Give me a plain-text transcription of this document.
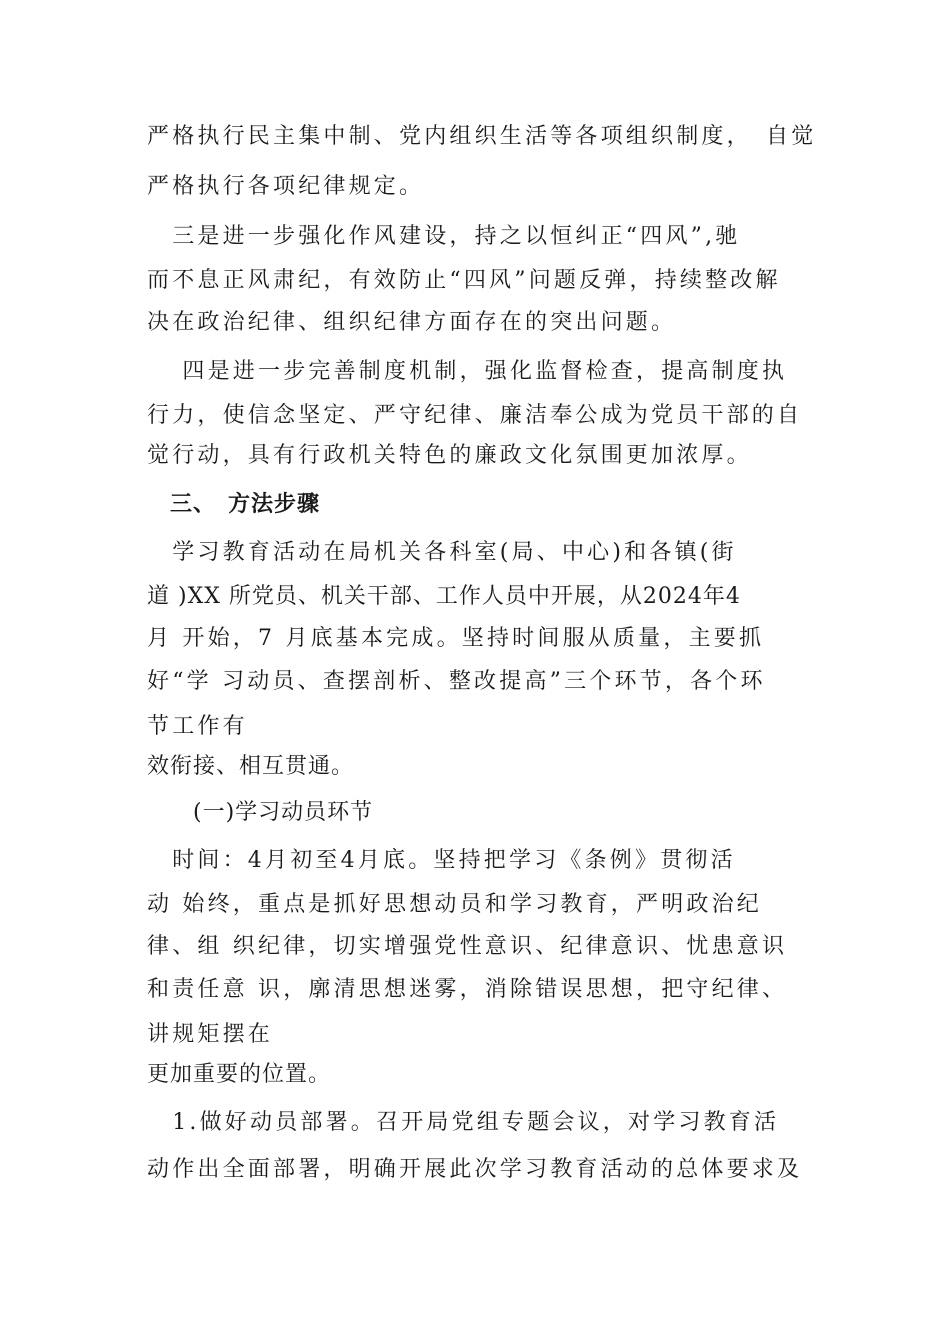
严格执行民主集中制、党内组织生活等各项组织制度，　自觉
严格执行各项纪律规定。
　三是进一步强化作风建设，持之以恒纠正“四风”,驰
而不息正风肃纪，有效防止“四风”问题反弹，持续整改解
决在政治纪律、组织纪律方面存在的突出问题。
　 四是进一步完善制度机制，强化监督检查，提高制度执
行力，使信念坚定、严守纪律、廉洁奉公成为党员干部的自
觉行动，具有行政机关特色的廉政文化氛围更加浓厚。
　三、　方法步骤
　学习教育活动在局机关各科室(局、中心)和各镇(街
道 )XX 所党员、机关干部、工作人员中开展，从2024年4
月 开始，7 月底基本完成。坚持时间服从质量，主要抓
好“学 习动员、查摆剖析、整改提高”三个环节，各个环
节工作有
效衔接、相互贯通。
　　(一)学习动员环节
　时间：4月初至4月底。坚持把学习《条例》贯彻活
动 始终，重点是抓好思想动员和学习教育，严明政治纪
律、组 织纪律，切实增强党性意识、纪律意识、忧患意识
和责任意 识，廓清思想迷雾，消除错误思想，把守纪律、
讲规矩摆在
更加重要的位置。
　1.做好动员部署。召开局党组专题会议，对学习教育活
动作出全面部署，明确开展此次学习教育活动的总体要求及
